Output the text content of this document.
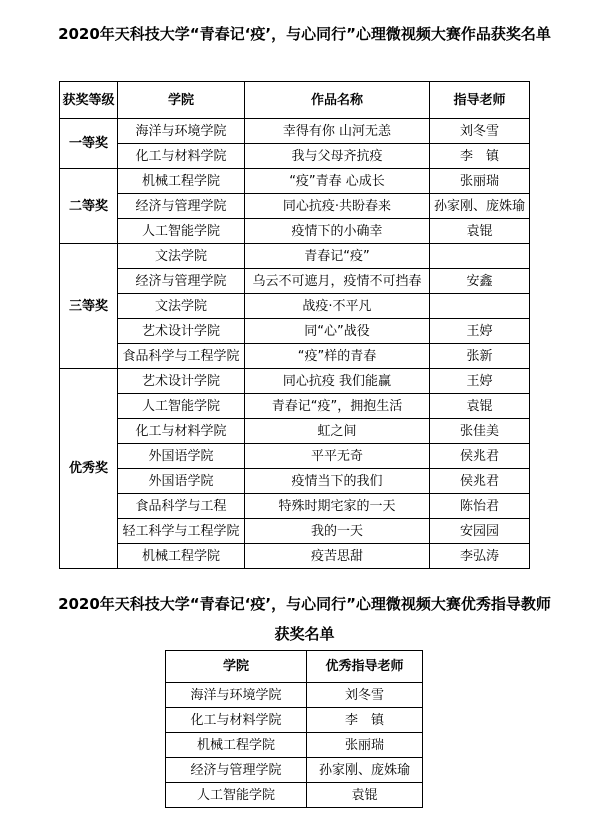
2020年天科技大学“青春记‘疫’，与心同行”心理微视频大赛作品获奖名单
获奖等级	学院	作品名称	指导老师
一等奖	海洋与环境学院	幸得有你 山河无恙	刘冬雪
	化工与材料学院	我与父母齐抗疫	李　镇
二等奖	机械工程学院	“疫”青春 心成长	张丽瑞
	经济与管理学院	同心抗疫·共盼春来	孙家刚、庞姝瑜
	人工智能学院	疫情下的小确幸	袁锟
三等奖	文法学院	青春记“疫”	
	经济与管理学院	乌云不可遮月，疫情不可挡春	安鑫
	文法学院	战疫·不平凡	
	艺术设计学院	同“心”战役	王婷
	食品科学与工程学院	“疫”样的青春	张新
优秀奖	艺术设计学院	同心抗疫 我们能赢	王婷
	人工智能学院	青春记“疫”，拥抱生活	袁锟
	化工与材料学院	虹之间	张佳美
	外国语学院	平平无奇	侯兆君
	外国语学院	疫情当下的我们	侯兆君
	食品科学与工程	特殊时期宅家的一天	陈怡君
	轻工科学与工程学院	我的一天	安园园
	机械工程学院	疫苦思甜	李弘涛
2020年天科技大学“青春记‘疫’，与心同行”心理微视频大赛优秀指导教师
获奖名单
学院	优秀指导老师
海洋与环境学院	刘冬雪
化工与材料学院	李　镇
机械工程学院	张丽瑞
经济与管理学院	孙家刚、庞姝瑜
人工智能学院	袁锟
